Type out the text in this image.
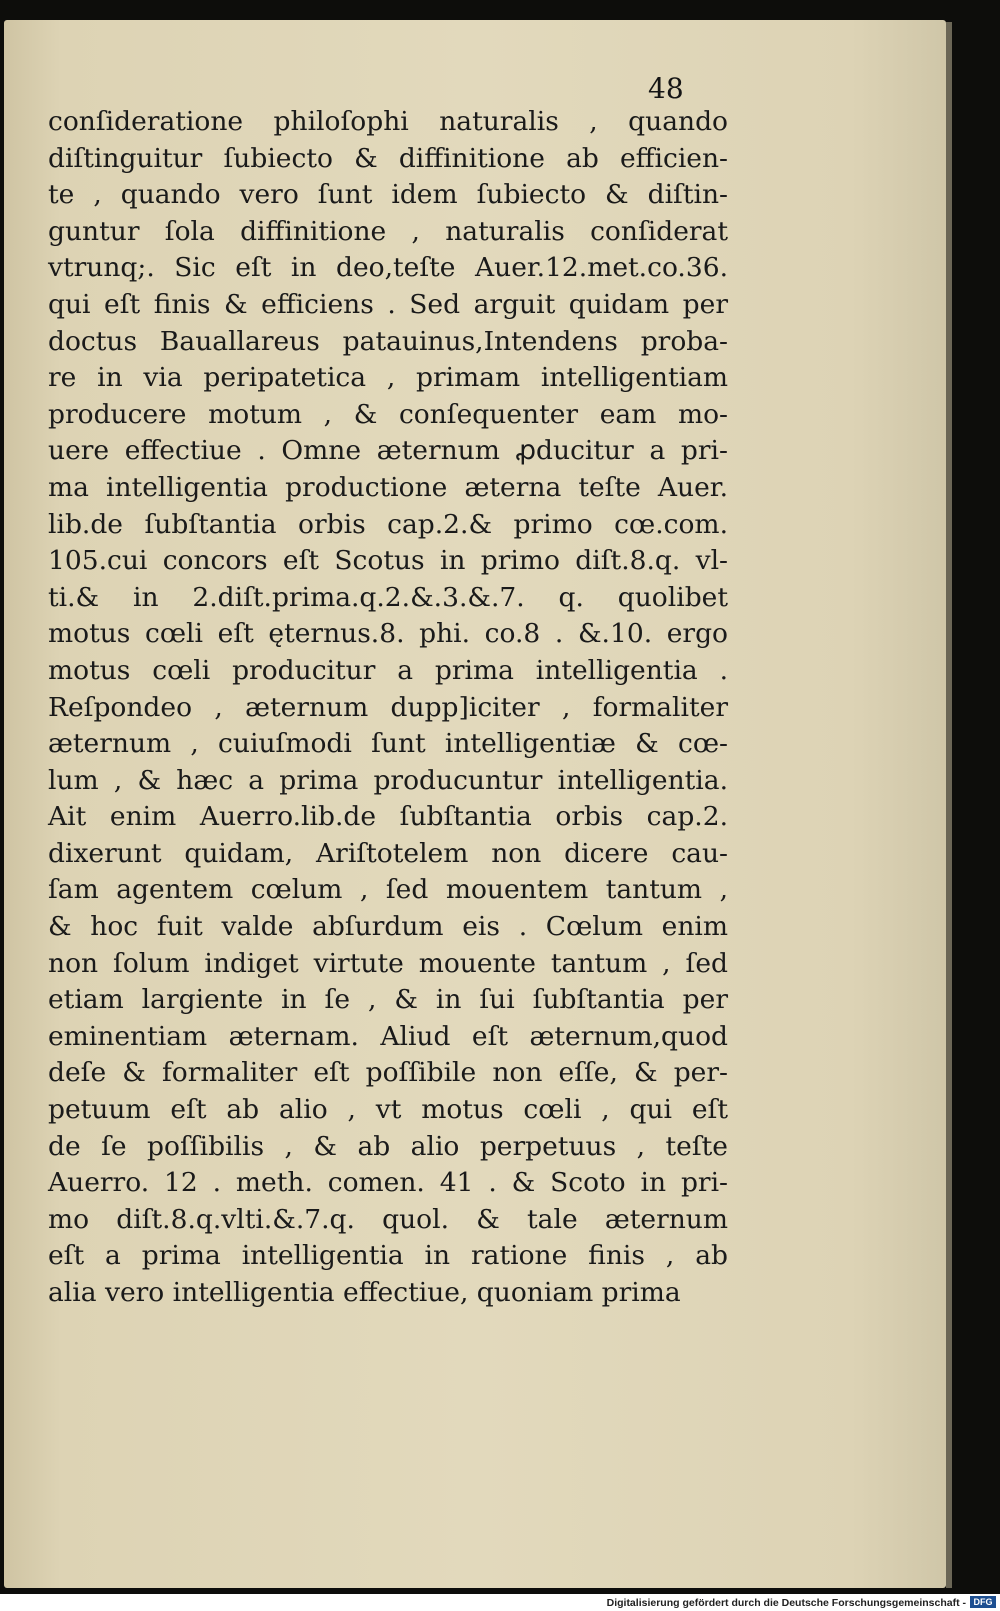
48
conſideratione philoſophi naturalis , quando
diſtinguitur ſubiecto & diffinitione ab efficien-
te , quando vero ſunt idem ſubiecto & diſtin-
guntur ſola diffinitione , naturalis conſiderat
vtrunq;. Sic eſt in deo,teſte Auer.12.met.co.36.
qui eſt finis & efficiens . Sed arguit quidam per
doctus Bauallareus patauinus,Intendens proba-
re in via peripatetica , primam intelligentiam
producere motum , & conſequenter eam mo-
uere effectiue . Omne æternum ꝓducitur a pri-
ma intelligentia productione æterna teſte Auer.
lib.de ſubſtantia orbis cap.2.& primo cœ.com.
105.cui concors eſt Scotus in primo diſt.8.q. vl-
ti.& in 2.diſt.prima.q.2.&.3.&.7. q. quolibet
motus cœli eſt ęternus.8. phi. co.8 . &.10. ergo
motus cœli producitur a prima intelligentia .
Reſpondeo , æternum dupp]iciter , formaliter
æternum , cuiuſmodi ſunt intelligentiæ & cœ-
lum , & hæc a prima producuntur intelligentia.
Ait enim Auerro.lib.de ſubſtantia orbis cap.2.
dixerunt quidam, Ariſtotelem non dicere cau-
ſam agentem cœlum , ſed mouentem tantum ,
& hoc fuit valde abſurdum eis . Cœlum enim
non ſolum indiget virtute mouente tantum , ſed
etiam largiente in ſe , & in ſui ſubſtantia per
eminentiam æternam. Aliud eſt æternum,quod
deſe & formaliter eſt poſſibile non eſſe, & per-
petuum eſt ab alio , vt motus cœli , qui eſt
de ſe poſſibilis , & ab alio perpetuus , teſte
Auerro. 12 . meth. comen. 41 . & Scoto in pri-
mo diſt.8.q.vlti.&.7.q. quol. & tale æternum
eſt a prima intelligentia in ratione finis , ab
alia vero intelligentia effectiue, quoniam prima
Digitalisierung gefördert durch die Deutsche Forschungsgemeinschaft - DFG
